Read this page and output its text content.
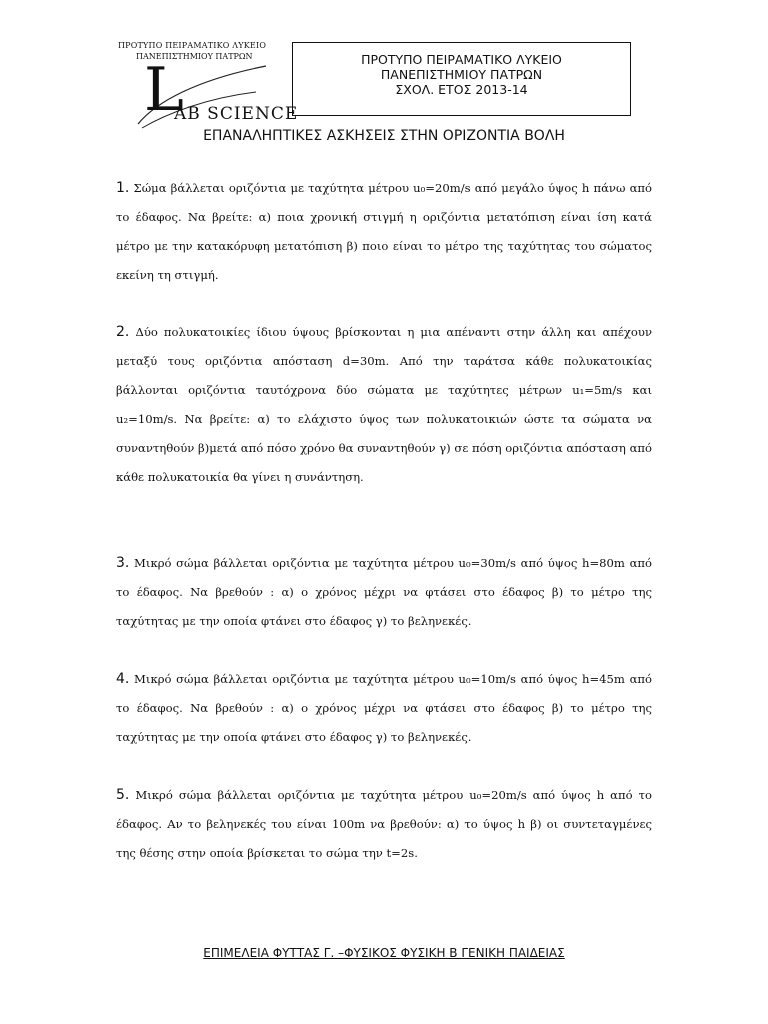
ΠΡΟΤΥΠΟ ΠΕΙΡΑΜΑΤΙΚΟ ΛΥΚΕΙΟ
ΠΑΝΕΠΙΣΤΗΜΙΟΥ ΠΑΤΡΩΝ
L
AB SCIENCE
ΠΡΟΤΥΠΟ ΠΕΙΡΑΜΑΤΙΚΟ ΛΥΚΕΙΟ
ΠΑΝΕΠΙΣΤΗΜΙΟΥ ΠΑΤΡΩΝ
ΣΧΟΛ. ΕΤΟΣ 2013-14
ΕΠΑΝΑΛΗΠΤΙΚΕΣ ΑΣΚΗΣΕΙΣ ΣΤΗΝ ΟΡΙΖΟΝΤΙΑ ΒΟΛΗ
1. Σώμα βάλλεται οριζόντια με ταχύτητα μέτρου u₀=20m/s από μεγάλο ύψος h πάνω από το έδαφος. Να βρείτε: α) ποια χρονική στιγμή η οριζόντια μετατόπιση είναι ίση κατά μέτρο με την κατακόρυφη μετατόπιση β) ποιο είναι το μέτρο της ταχύτητας του σώματος εκείνη τη στιγμή.
2. Δύο πολυκατοικίες ίδιου ύψους βρίσκονται η μια απέναντι στην άλλη και απέχουν μεταξύ τους οριζόντια απόσταση d=30m. Από την ταράτσα κάθε πολυκατοικίας βάλλονται οριζόντια ταυτόχρονα δύο σώματα με ταχύτητες μέτρων u₁=5m/s και u₂=10m/s. Να βρείτε: α) το ελάχιστο ύψος των πολυκατοικιών ώστε τα σώματα να συναντηθούν β)μετά από πόσο χρόνο θα συναντηθούν γ) σε πόση οριζόντια απόσταση από κάθε πολυκατοικία θα γίνει η συνάντηση.
3. Μικρό σώμα βάλλεται οριζόντια με ταχύτητα μέτρου u₀=30m/s από ύψος h=80m από το έδαφος. Να βρεθούν : α) ο χρόνος μέχρι να φτάσει στο έδαφος β) το μέτρο της ταχύτητας με την οποία φτάνει στο έδαφος γ) το βεληνεκές.
4. Μικρό σώμα βάλλεται οριζόντια με ταχύτητα μέτρου u₀=10m/s από ύψος h=45m από το έδαφος. Να βρεθούν : α) ο χρόνος μέχρι να φτάσει στο έδαφος β) το μέτρο της ταχύτητας με την οποία φτάνει στο έδαφος γ) το βεληνεκές.
5. Μικρό σώμα βάλλεται οριζόντια με ταχύτητα μέτρου u₀=20m/s από ύψος h από το έδαφος. Αν το βεληνεκές του είναι 100m να βρεθούν: α) το ύψος h β) οι συντεταγμένες της θέσης στην οποία βρίσκεται το σώμα την t=2s.
ΕΠΙΜΕΛΕΙΑ ΦΥΤΤΑΣ Γ. –ΦΥΣΙΚΟΣ ΦΥΣΙΚΗ Β ΓΕΝΙΚΗ ΠΑΙΔΕΙΑΣ
